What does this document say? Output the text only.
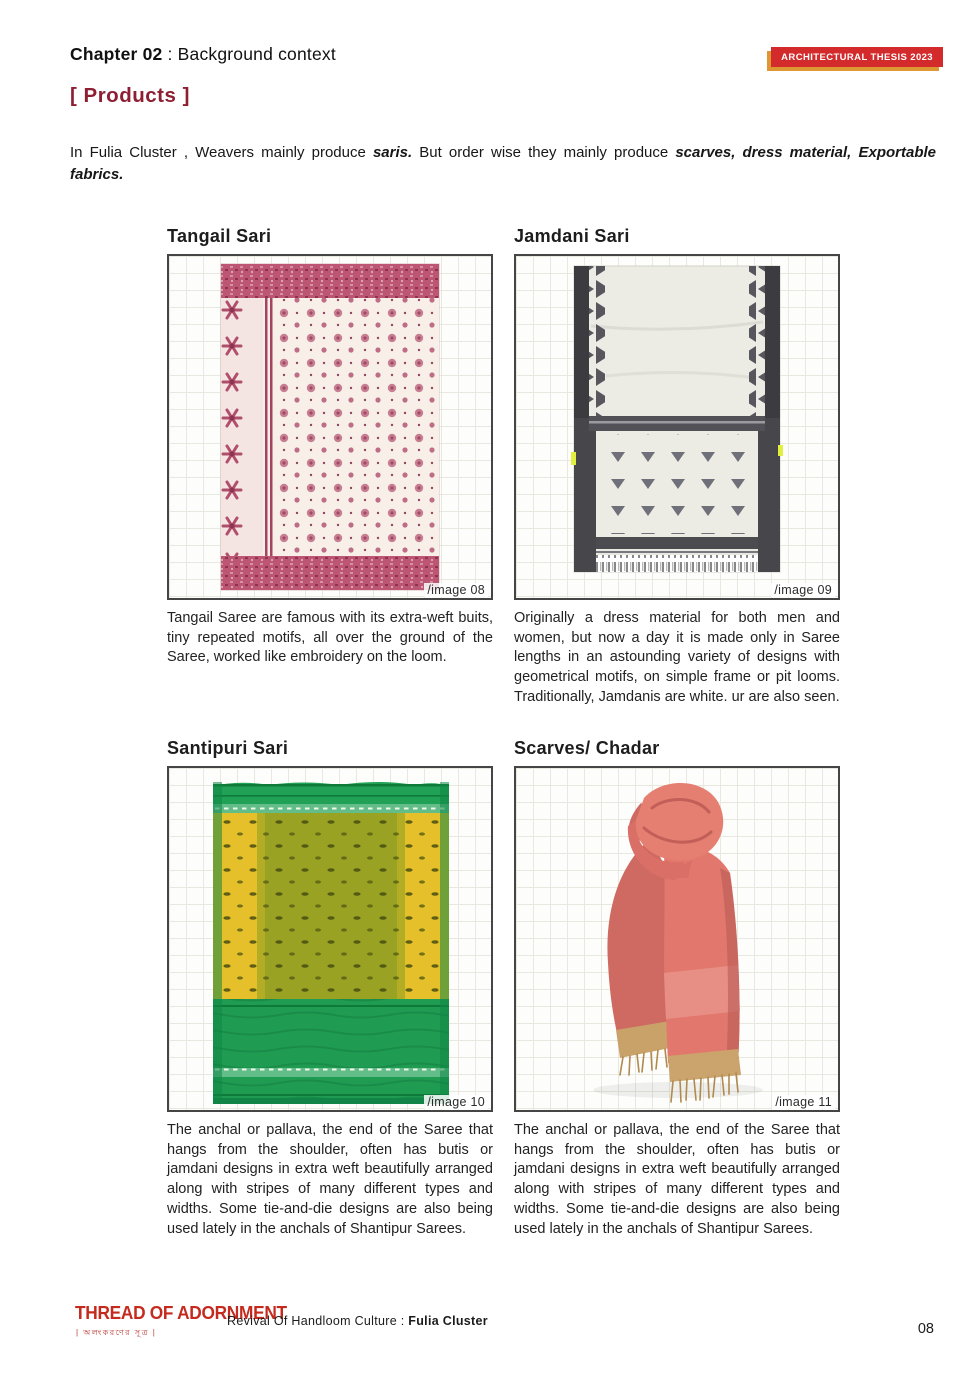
Chapter 02 : Background context	ARCHITECTURAL THESIS 2023
[ Products ]

In Fulia Cluster , Weavers mainly produce saris. But order wise they mainly produce scarves, dress material, Exportable fabrics.

Tangail Sari
/image 08

Tangail Saree are famous with its extra-weft buits, tiny repeated motifs, all over the ground of the Saree, worked like embroidery on the loom.

Jamdani Sari
/image 09

Originally a dress material for both men and women, but now a day it is made only in Saree lengths in an astounding variety of designs with geometrical motifs, on simple frame or pit looms. Traditionally, Jamdanis are white. ur are also seen.

Santipuri Sari
/image 10

The anchal or pallava, the end of the Saree that hangs from the shoulder, often has butis or jamdani designs in extra weft beautifully arranged along with stripes of many different types and widths. Some tie-and-die designs are also being used lately in the anchals of Shantipur Sarees.

Scarves/ Chadar
/image 11

The anchal or pallava, the end of the Saree that hangs from the shoulder, often has butis or jamdani designs in extra weft beautifully arranged along with stripes of many different types and widths. Some tie-and-die designs are also being used lately in the anchals of Shantipur Sarees.

THREAD OF ADORNMENT
| অলংকরণের সূত্র |
Revival Of Handloom Culture : Fulia Cluster	08
